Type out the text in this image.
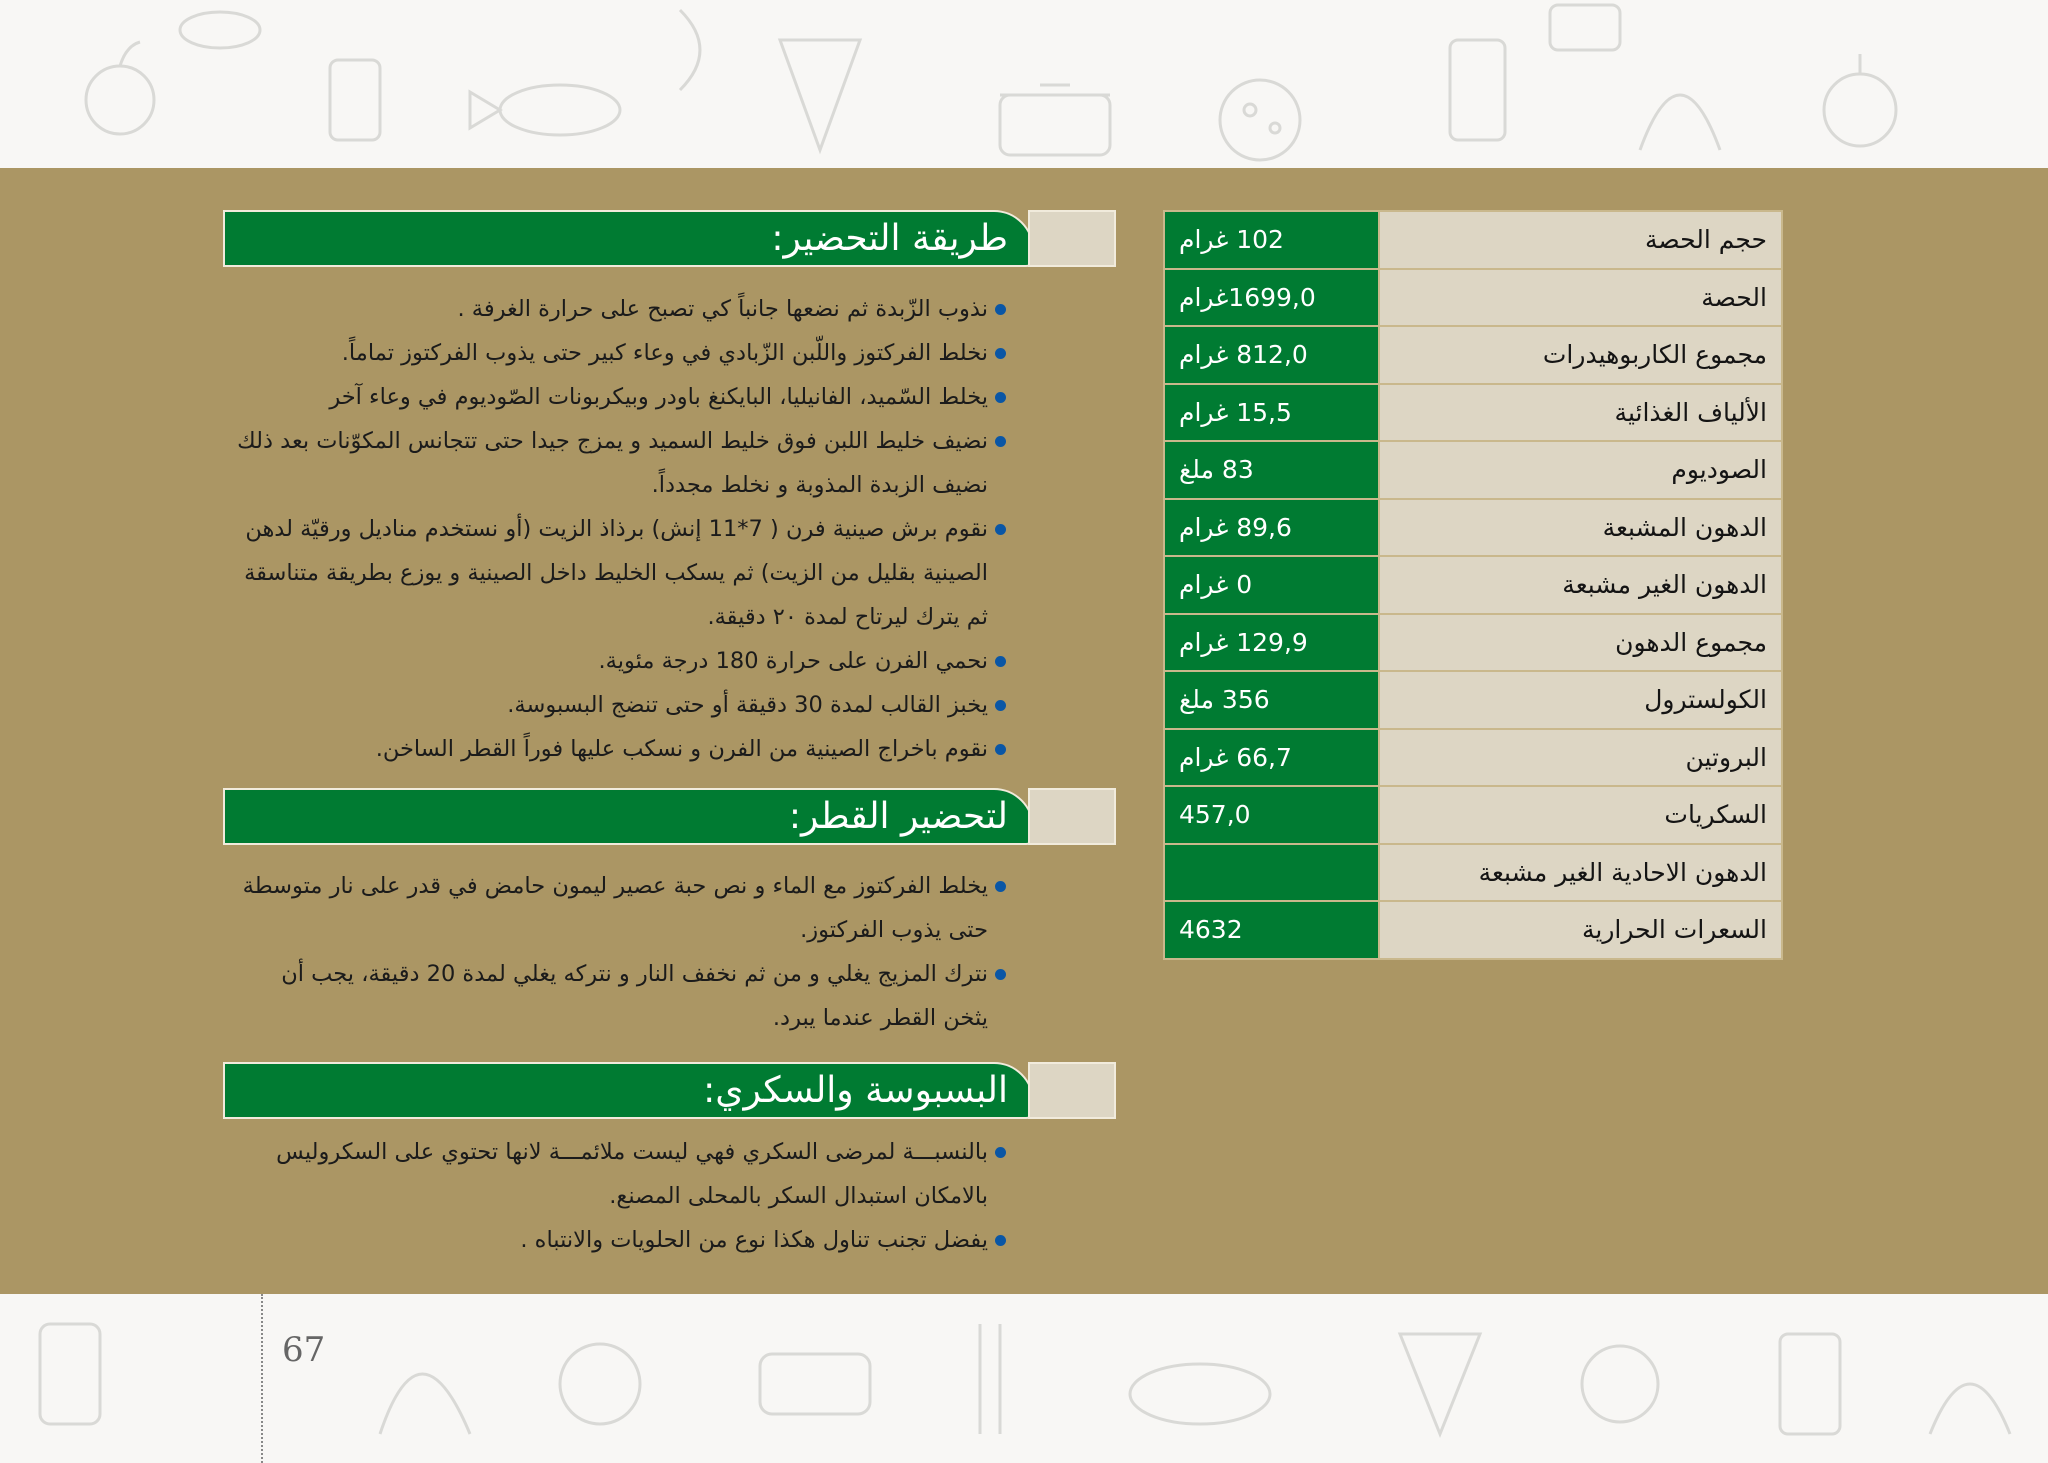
حجم الحصة	102 غرام
الحصة	1699,0غرام
مجموع الكاربوهيدرات	812,0 غرام
الألياف الغذائية	15,5 غرام
الصوديوم	83 ملغ
الدهون المشبعة	89,6 غرام
الدهون الغير مشبعة	0 غرام
مجموع الدهون	129,9 غرام
الكولسترول	356 ملغ
البروتين	66,7 غرام
السكريات	457,0
الدهون الاحادية الغير مشبعة	
السعرات الحرارية	4632
طريقة التحضير:
نذوب الزّبدة ثم نضعها جانباً كي تصبح على حرارة الغرفة .
نخلط الفركتوز واللّبن الزّبادي في وعاء كبير حتى يذوب الفركتوز تماماً.
يخلط السّميد، الفانيليا، البايكنغ باودر وبيكربونات الصّوديوم في وعاء آخر
نضيف خليط اللبن فوق خليط السميد و يمزج جيدا حتى تتجانس المكوّنات بعد ذلك نضيف الزبدة المذوبة و نخلط مجدداً.
نقوم برش صينية فرن ( 7*11 إنش) برذاذ الزيت (أو نستخدم مناديل ورقيّة لدهن الصينية بقليل من الزيت) ثم يسكب الخليط داخل الصينية و يوزع بطريقة متناسقة ثم يترك ليرتاح لمدة ٢٠ دقيقة.
نحمي الفرن على حرارة 180 درجة مئوية.
يخبز القالب لمدة 30 دقيقة أو حتى تنضج البسبوسة.
نقوم باخراج الصينية من الفرن و نسكب عليها فوراً القطر الساخن.
لتحضير القطر:
يخلط الفركتوز مع الماء و نص حبة عصير ليمون حامض في قدر على نار متوسطة حتى يذوب الفركتوز.
نترك المزيج يغلي و من ثم نخفف النار و نتركه يغلي لمدة 20 دقيقة، يجب أن يثخن القطر عندما يبرد.
البسبوسة والسكري:
بالنسبـــة لمرضى السكري فهي ليست ملائمـــة لانها تحتوي على السكروليس بالامكان استبدال السكر بالمحلى المصنع.
يفضل تجنب تناول هكذا نوع من الحلويات والانتباه .
67
